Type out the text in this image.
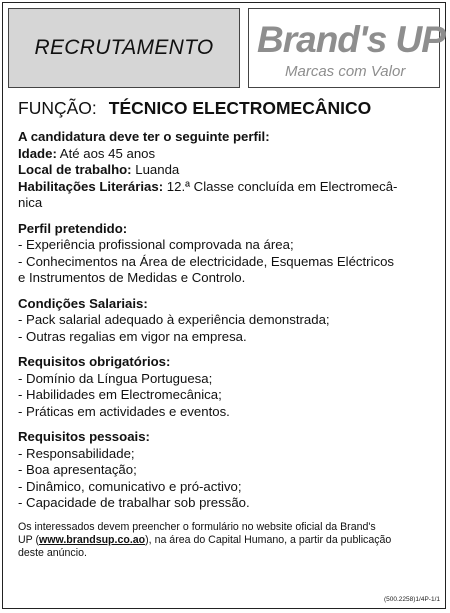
RECRUTAMENTO Brand's UP
Marcas com Valor
FUNÇÃO: TÉCNICO ELECTROMECÂNICO
A candidatura deve ter o seguinte perfil:
Idade: Até aos 45 anos
Local de trabalho: Luanda
Habilitações Literárias: 12.ª Classe concluída em Electromecâ-
nica
Perfil pretendido:
- Experiência profissional comprovada na área;
- Conhecimentos na Área de electricidade, Esquemas Eléctricos
e Instrumentos de Medidas e Controlo.
Condições Salariais:
- Pack salarial adequado à experiência demonstrada;
- Outras regalias em vigor na empresa.
Requisitos obrigatórios:
- Domínio da Língua Portuguesa;
- Habilidades em Electromecânica;
- Práticas em actividades e eventos.
Requisitos pessoais:
- Responsabilidade;
- Boa apresentação;
- Dinâmico, comunicativo e pró-activo;
- Capacidade de trabalhar sob pressão.
Os interessados devem preencher o formulário no website oficial da Brand's
UP (www.brandsup.co.ao), na área do Capital Humano, a partir da publicação
deste anúncio.
(500.2258)1/4P-1/1
